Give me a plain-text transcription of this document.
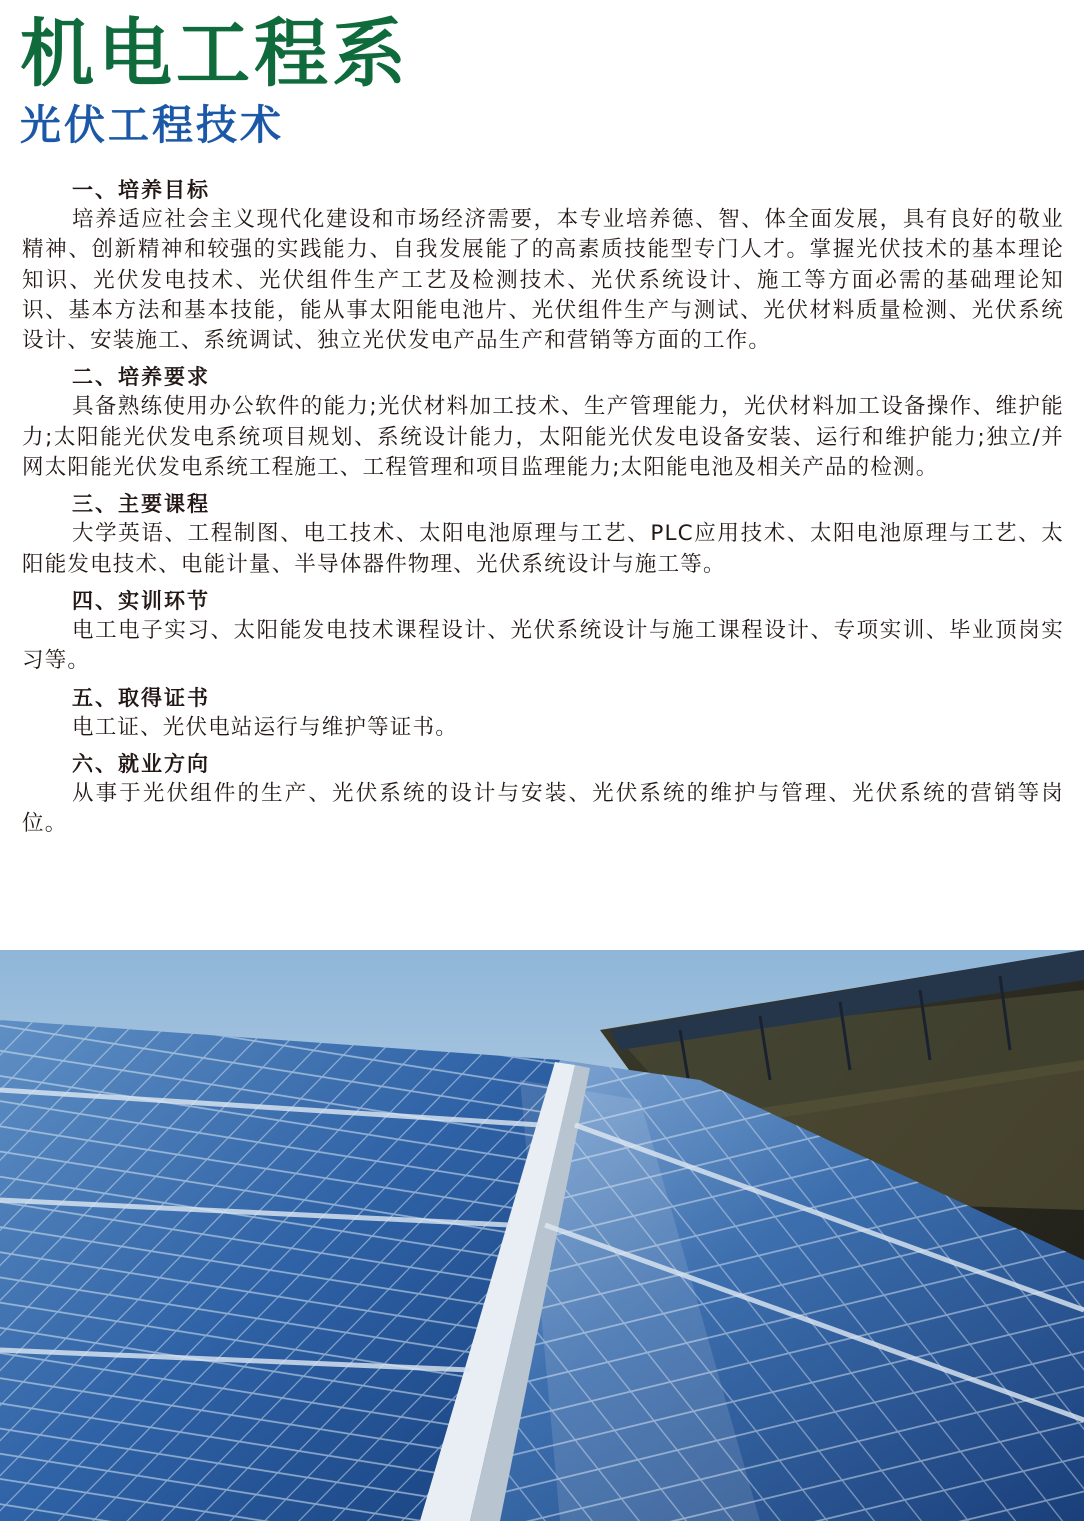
机电工程系
光伏工程技术
一、培养目标

培养适应社会主义现代化建设和市场经济需要，本专业培养德、智、体全面发展，具有良好的敬业精神、创新精神和较强的实践能力、自我发展能了的高素质技能型专门人才。掌握光伏技术的基本理论知识、光伏发电技术、光伏组件生产工艺及检测技术、光伏系统设计、施工等方面必需的基础理论知识、基本方法和基本技能，能从事太阳能电池片、光伏组件生产与测试、光伏材料质量检测、光伏系统设计、安装施工、系统调试、独立光伏发电产品生产和营销等方面的工作。

二、培养要求

具备熟练使用办公软件的能力;光伏材料加工技术、生产管理能力，光伏材料加工设备操作、维护能力;太阳能光伏发电系统项目规划、系统设计能力，太阳能光伏发电设备安装、运行和维护能力;独立/并网太阳能光伏发电系统工程施工、工程管理和项目监理能力;太阳能电池及相关产品的检测。

三、主要课程

大学英语、工程制图、电工技术、太阳电池原理与工艺、PLC应用技术、太阳电池原理与工艺、太阳能发电技术、电能计量、半导体器件物理、光伏系统设计与施工等。

四、实训环节

电工电子实习、太阳能发电技术课程设计、光伏系统设计与施工课程设计、专项实训、毕业顶岗实习等。

五、取得证书

电工证、光伏电站运行与维护等证书。

六、就业方向

从事于光伏组件的生产、光伏系统的设计与安装、光伏系统的维护与管理、光伏系统的营销等岗位。
